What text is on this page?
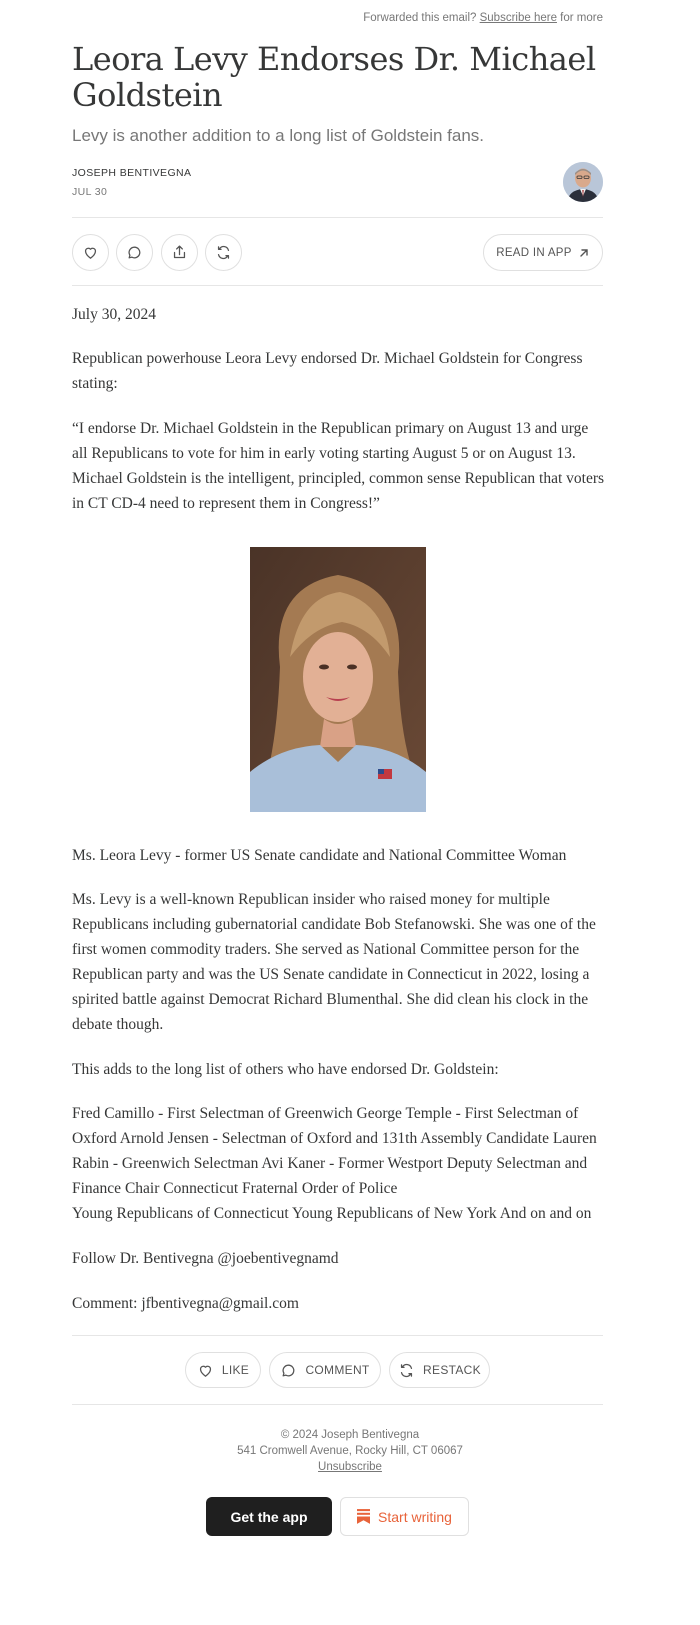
Forwarded this email? Subscribe here for more
Leora Levy Endorses Dr. Michael Goldstein
Levy is another addition to a long list of Goldstein fans.
JOSEPH BENTIVEGNA
JUL 30
READ IN APP

July 30, 2024

Republican powerhouse Leora Levy endorsed Dr. Michael Goldstein for Congress stating:

“I endorse Dr. Michael Goldstein in the Republican primary on August 13 and urge all Republicans to vote for him in early voting starting August 5 or on August 13. Michael Goldstein is the intelligent, principled, common sense Republican that voters in CT CD-4 need to represent them in Congress!”

Ms. Leora Levy - former US Senate candidate and National Committee Woman

Ms. Levy is a well-known Republican insider who raised money for multiple Republicans including gubernatorial candidate Bob Stefanowski. She was one of the first women commodity traders. She served as National Committee person for the Republican party and was the US Senate candidate in Connecticut in 2022, losing a spirited battle against Democrat Richard Blumenthal. She did clean his clock in the debate though.

This adds to the long list of others who have endorsed Dr. Goldstein:

Fred Camillo - First Selectman of Greenwich George Temple - First Selectman of Oxford Arnold Jensen - Selectman of Oxford and 131th Assembly Candidate Lauren Rabin - Greenwich Selectman Avi Kaner - Former Westport Deputy Selectman and Finance Chair Connecticut Fraternal Order of Police

Young Republicans of Connecticut Young Republicans of New York And on and on

Follow Dr. Bentivegna @joebentivegnamd

Comment: jfbentivegna@gmail.com

LIKE	COMMENT	RESTACK
© 2024 Joseph Bentivegna
541 Cromwell Avenue, Rocky Hill, CT 06067
Unsubscribe
Get the app	Start writing
